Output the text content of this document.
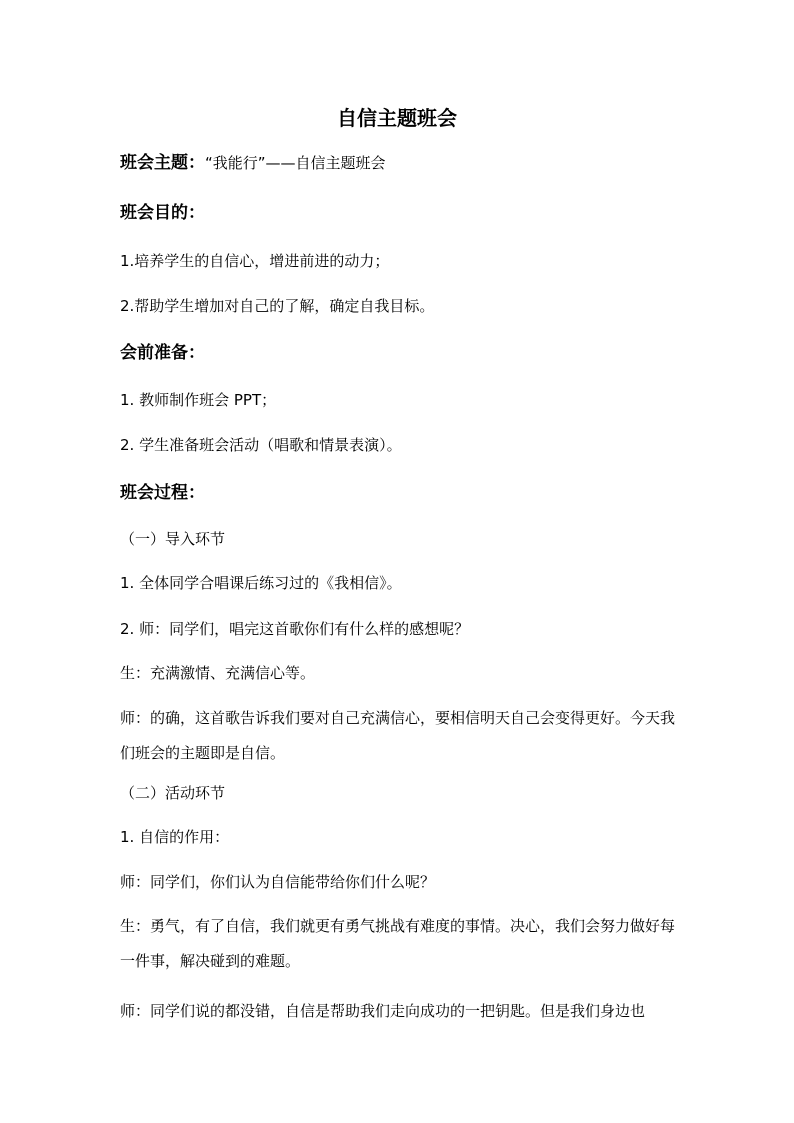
自信主题班会
班会主题：“我能行”——自信主题班会
班会目的：
1.培养学生的自信心，增进前进的动力；
2.帮助学生增加对自己的了解，确定自我目标。
会前准备：
1. 教师制作班会 PPT；
2. 学生准备班会活动（唱歌和情景表演）。
班会过程：
（一）导入环节
1. 全体同学合唱课后练习过的《我相信》。
2. 师：同学们，唱完这首歌你们有什么样的感想呢？
生：充满激情、充满信心等。
师：的确，这首歌告诉我们要对自己充满信心，要相信明天自己会变得更好。今天我们班会的主题即是自信。
（二）活动环节
1. 自信的作用：
师：同学们，你们认为自信能带给你们什么呢？
生：勇气，有了自信，我们就更有勇气挑战有难度的事情。决心，我们会努力做好每一件事，解决碰到的难题。
师：同学们说的都没错，自信是帮助我们走向成功的一把钥匙。但是我们身边也
